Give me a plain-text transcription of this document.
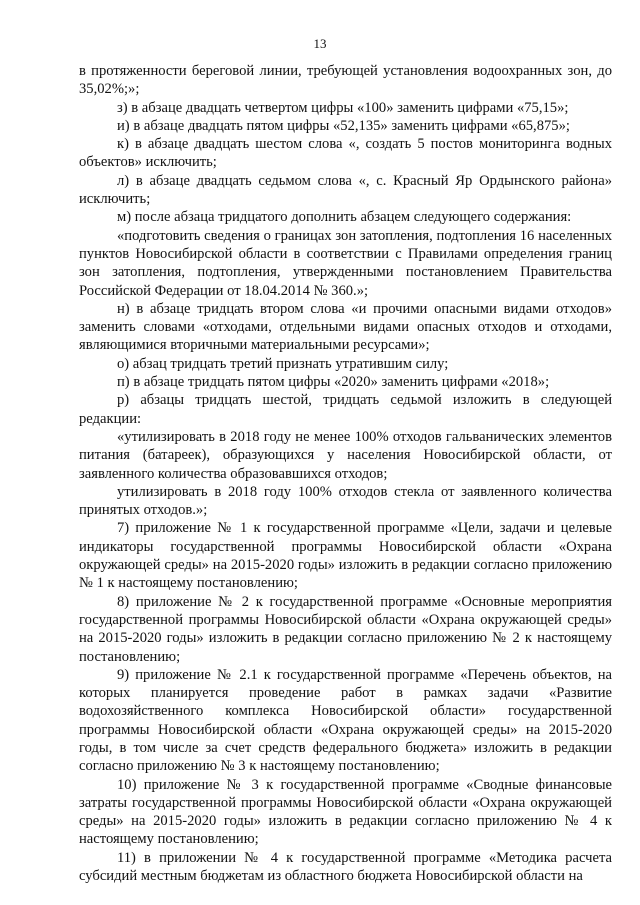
13

в протяженности береговой линии, требующей установления водоохранных зон, до 35,02%;»;

з) в абзаце двадцать четвертом цифры «100» заменить цифрами «75,15»;

и) в абзаце двадцать пятом цифры «52,135» заменить цифрами «65,875»;

к) в абзаце двадцать шестом слова «, создать 5 постов мониторинга водных объектов» исключить;

л) в абзаце двадцать седьмом слова «, с. Красный Яр Ордынского района» исключить;

м) после абзаца тридцатого дополнить абзацем следующего содержания:

«подготовить сведения о границах зон затопления, подтопления 16 населенных пунктов Новосибирской области в соответствии с Правилами определения границ зон затопления, подтопления, утвержденными постановлением Правительства Российской Федерации от 18.04.2014 № 360.»;

н) в абзаце тридцать втором слова «и прочими опасными видами отходов» заменить словами «отходами, отдельными видами опасных отходов и отходами, являющимися вторичными материальными ресурсами»;

о) абзац тридцать третий признать утратившим силу;

п) в абзаце тридцать пятом цифры «2020» заменить цифрами «2018»;

р) абзацы тридцать шестой, тридцать седьмой изложить в следующей редакции:

«утилизировать в 2018 году не менее 100% отходов гальванических элементов питания (батареек), образующихся у населения Новосибирской области, от заявленного количества образовавшихся отходов;

утилизировать в 2018 году 100% отходов стекла от заявленного количества принятых отходов.»;

7) приложение № 1 к государственной программе «Цели, задачи и целевые индикаторы государственной программы Новосибирской области «Охрана окружающей среды» на 2015-2020 годы» изложить в редакции согласно приложению № 1 к настоящему постановлению;

8) приложение № 2 к государственной программе «Основные мероприятия государственной программы Новосибирской области «Охрана окружающей среды» на 2015-2020 годы» изложить в редакции согласно приложению № 2 к настоящему постановлению;

9) приложение № 2.1 к государственной программе «Перечень объектов, на которых планируется проведение работ в рамках задачи «Развитие водохозяйственного комплекса Новосибирской области» государственной программы Новосибирской области «Охрана окружающей среды» на 2015-2020 годы, в том числе за счет средств федерального бюджета» изложить в редакции согласно приложению № 3 к настоящему постановлению;

10) приложение № 3 к государственной программе «Сводные финансовые затраты государственной программы Новосибирской области «Охрана окружающей среды» на 2015-2020 годы» изложить в редакции согласно приложению № 4 к настоящему постановлению;

11) в приложении № 4 к государственной программе «Методика расчета субсидий местным бюджетам из областного бюджета Новосибирской области на
